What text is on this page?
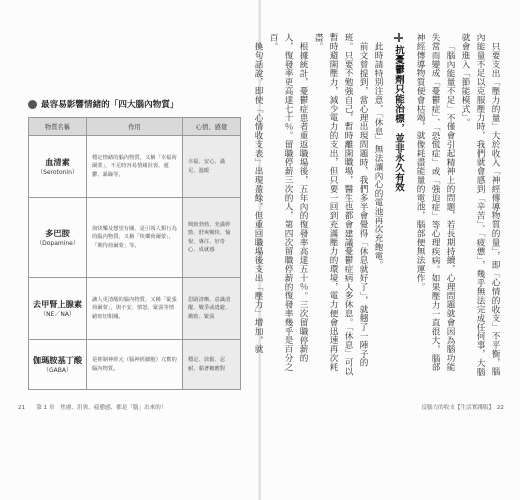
最容易影響情緒的「四大腦內物質」
物質名稱	作用	心情、感覺

血清素
（Serotonin）	穩定情緒的腦內物質，又稱「幸福荷爾蒙」，不足時容易情緒沮喪、憂鬱、暴躁等。	幸福、安心、滿足、溫暖

多巴胺
（Dopamine）	與快樂及想望有關，是引領人類行為的腦內物質，又稱「快樂荷爾蒙」，「期待荷爾蒙」等。	興致勃勃、充滿幹勁、舒爽暢快、愉悅、專注、好奇心、成就感

去甲腎上腺素
（NE／NA）	讓人更清醒的腦內物質，又稱「緊張荷爾蒙」，與不安、憤怒、緊張等情緒密切相關。	思路清晰、意識清醒、戰爭或逃避、衝勁、緊張

伽瑪胺基丁酸
（GABA）	是抑制神經元（腦神經細胞）亢奮的腦內物質。	穩定、放鬆、忍耐、黏著糖應對
21　　第 1 章　焦慮、沮喪、疲憊感，都是「腦」出來的！

只要支出「壓力的量」大於收入「神經傳導物質的量」，即「心情的收支」不平衡，腦內能量不足以克服壓力時，我們就會感到「辛苦」、「疲憊」，幾乎無法完成任何事，大腦就會進入「節能模式」。

「腦內能量不足」不僅會引起精神上的問題，若長期持續，心理問題就會因為腦功能失常而變成「憂鬱症」、「恐慌症」或「強迫症」等心理疾病。如果壓力一直很大，腦部神經傳導物質便會枯竭，就像耗盡能量的電池，腦部便無法運作。

抗憂鬱劑只能治標，並非永久有效

此時請特別注意，「休息」無法讓內心的電池再次充飽電。

前文曾提到，當心理出現問題時，我們多半會覺得「休息就好了」，就翹了一陣子的班。只要不勉強自己，暫時離開職場，醫生也都會建議憂鬱症病人多休息。「休息」可以暫時避開壓力，減少電力的支出，但只要一回到充滿壓力的環境，電力便會迅速再次耗盡。

根據統計，憂鬱症患者重返職場後，五年內的復發率高達五十％。三次留職停薪的人，復發率更高達七十％。留職停薪三次的人，第四次留職停薪的復發率幾乎是百分之百。

換句話說，即使「心情收支表」出現盈餘，但重回職場後支出「壓力」增加，就

沒腦力的收支【生活實踐版】　22
